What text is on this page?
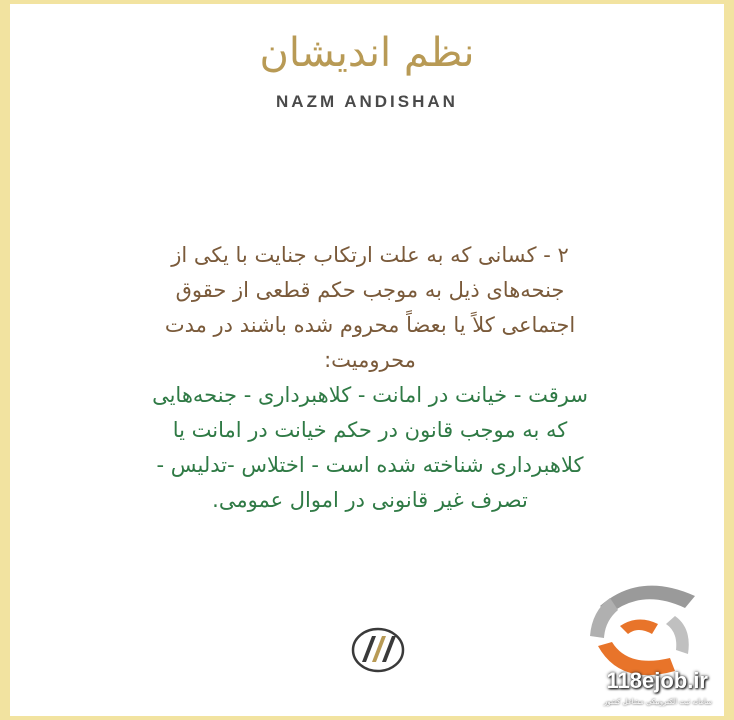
نظم اندیشان
NAZM ANDISHAN
۲ - کسانی که به علت ارتکاب جنایت با یکی از
جنحه‌های ذیل به موجب حکم قطعی از حقوق
اجتماعی کلاً یا بعضاً محروم شده باشند در مدت
محرومیت:
سرقت - خیانت در امانت - کلاهبرداری - جنحه‌هایی
که به موجب قانون در حکم خیانت در امانت یا
کلاهبرداری شناخته شده است - اختلاس -تدلیس -
تصرف غیر قانونی در اموال عمومی.
118ejob.ir
سامانه ثبت الکترونیکی مشاغل کشور
